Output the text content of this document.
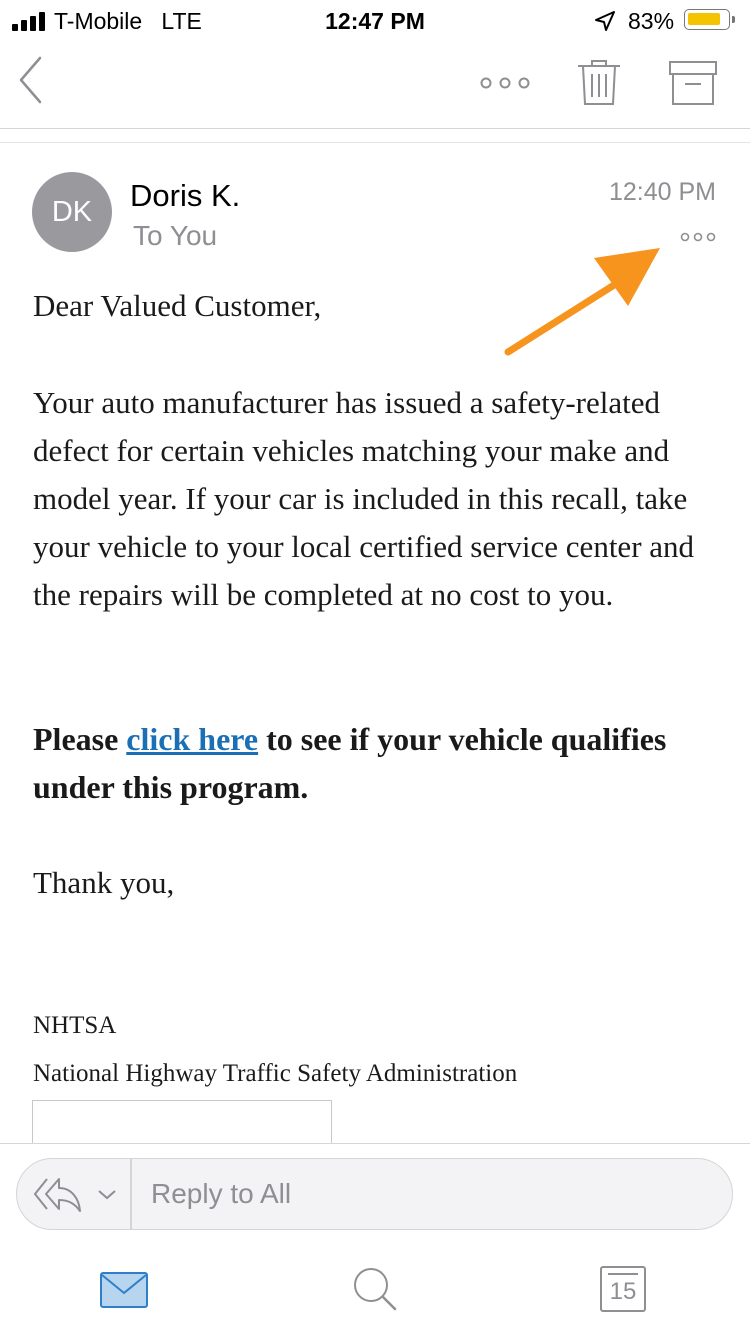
T-Mobile LTE	12:47 PM	83%
DK	Doris K.
To You
12:40 PM

Dear Valued Customer,

Your auto manufacturer has issued a safety-related defect for certain vehicles matching your make and model year. If your car is included in this recall, take your vehicle to your local certified service center and the repairs will be completed at no cost to you.

Please click here to see if your vehicle qualifies under this program.

Thank you,

NHTSA
National Highway Traffic Safety Administration
Reply to All
15
